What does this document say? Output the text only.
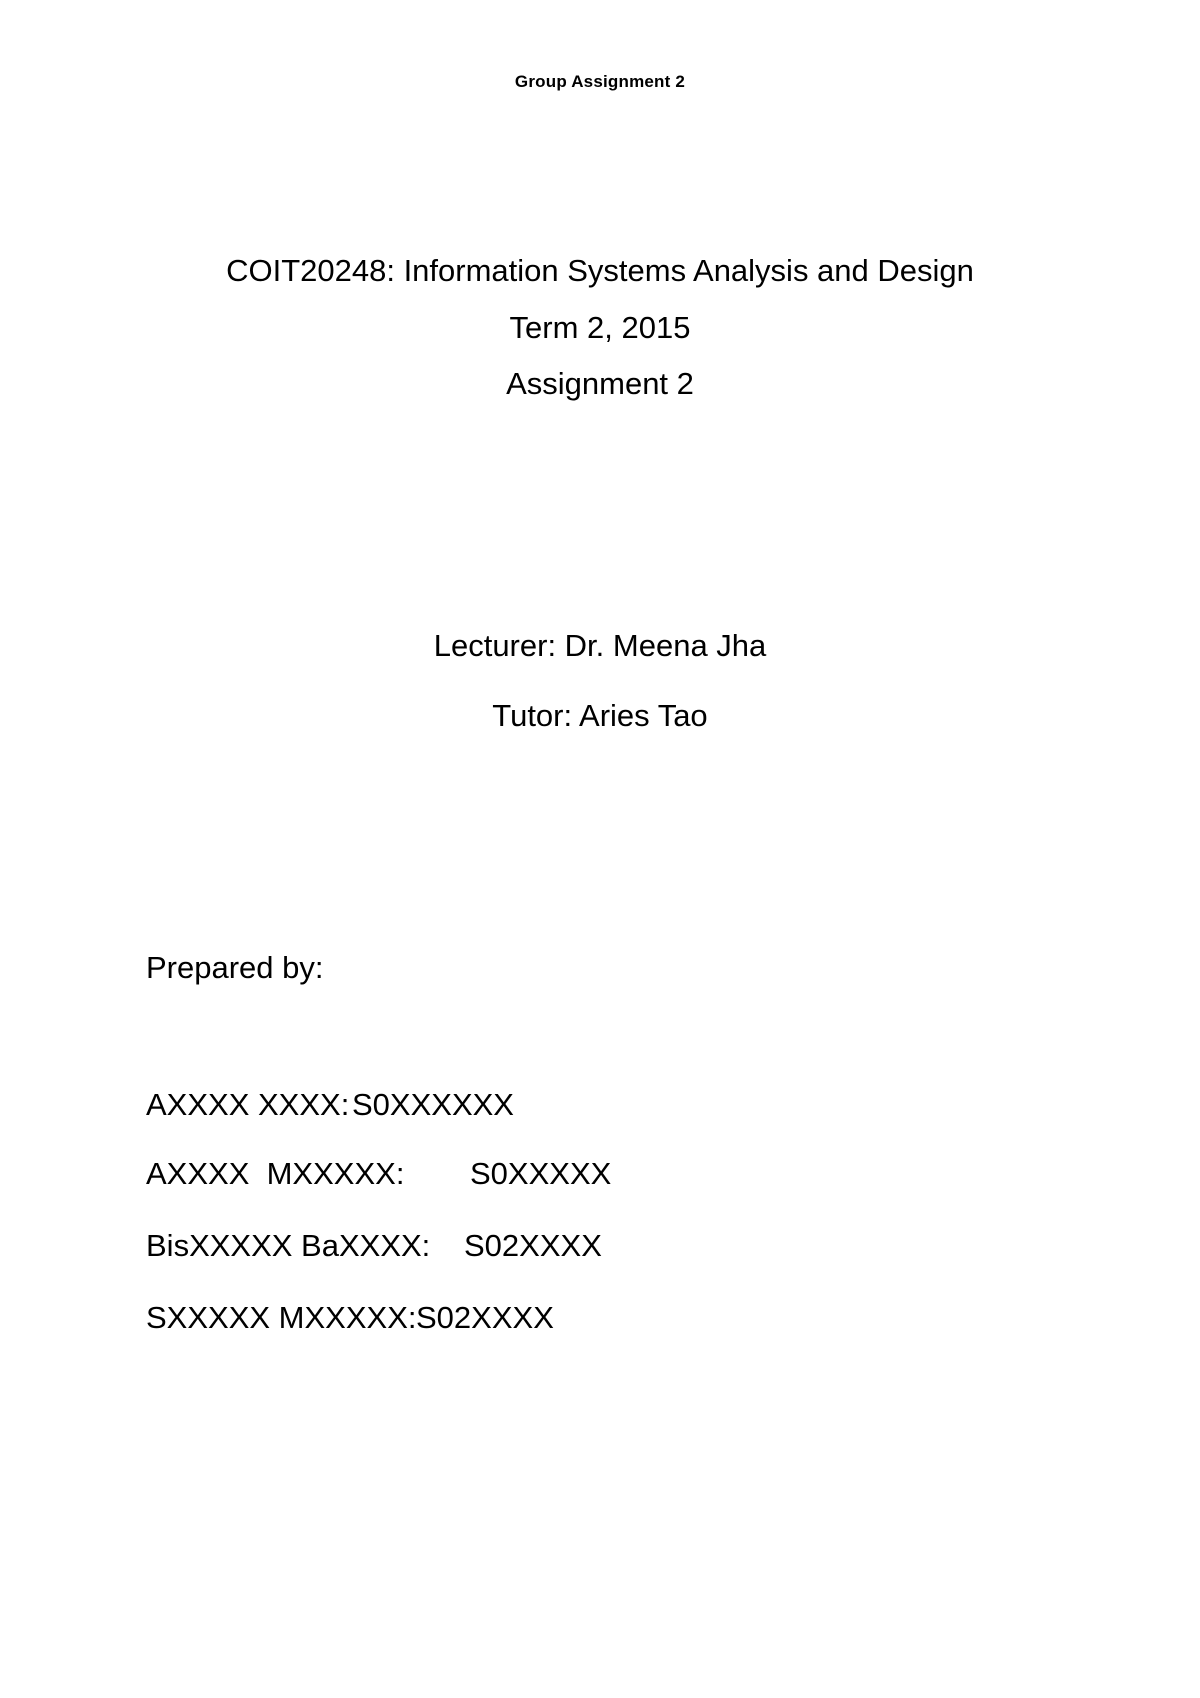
Group Assignment 2
COIT20248: Information Systems Analysis and Design
Term 2, 2015
Assignment 2
Lecturer: Dr. Meena Jha
Tutor: Aries Tao
Prepared by:
AXXXX XXXX: S0XXXXXX
AXXXX  MXXXXX: S0XXXXX
BisXXXXX BaXXXX: S02XXXX
SXXXXX MXXXXX: S02XXXX
